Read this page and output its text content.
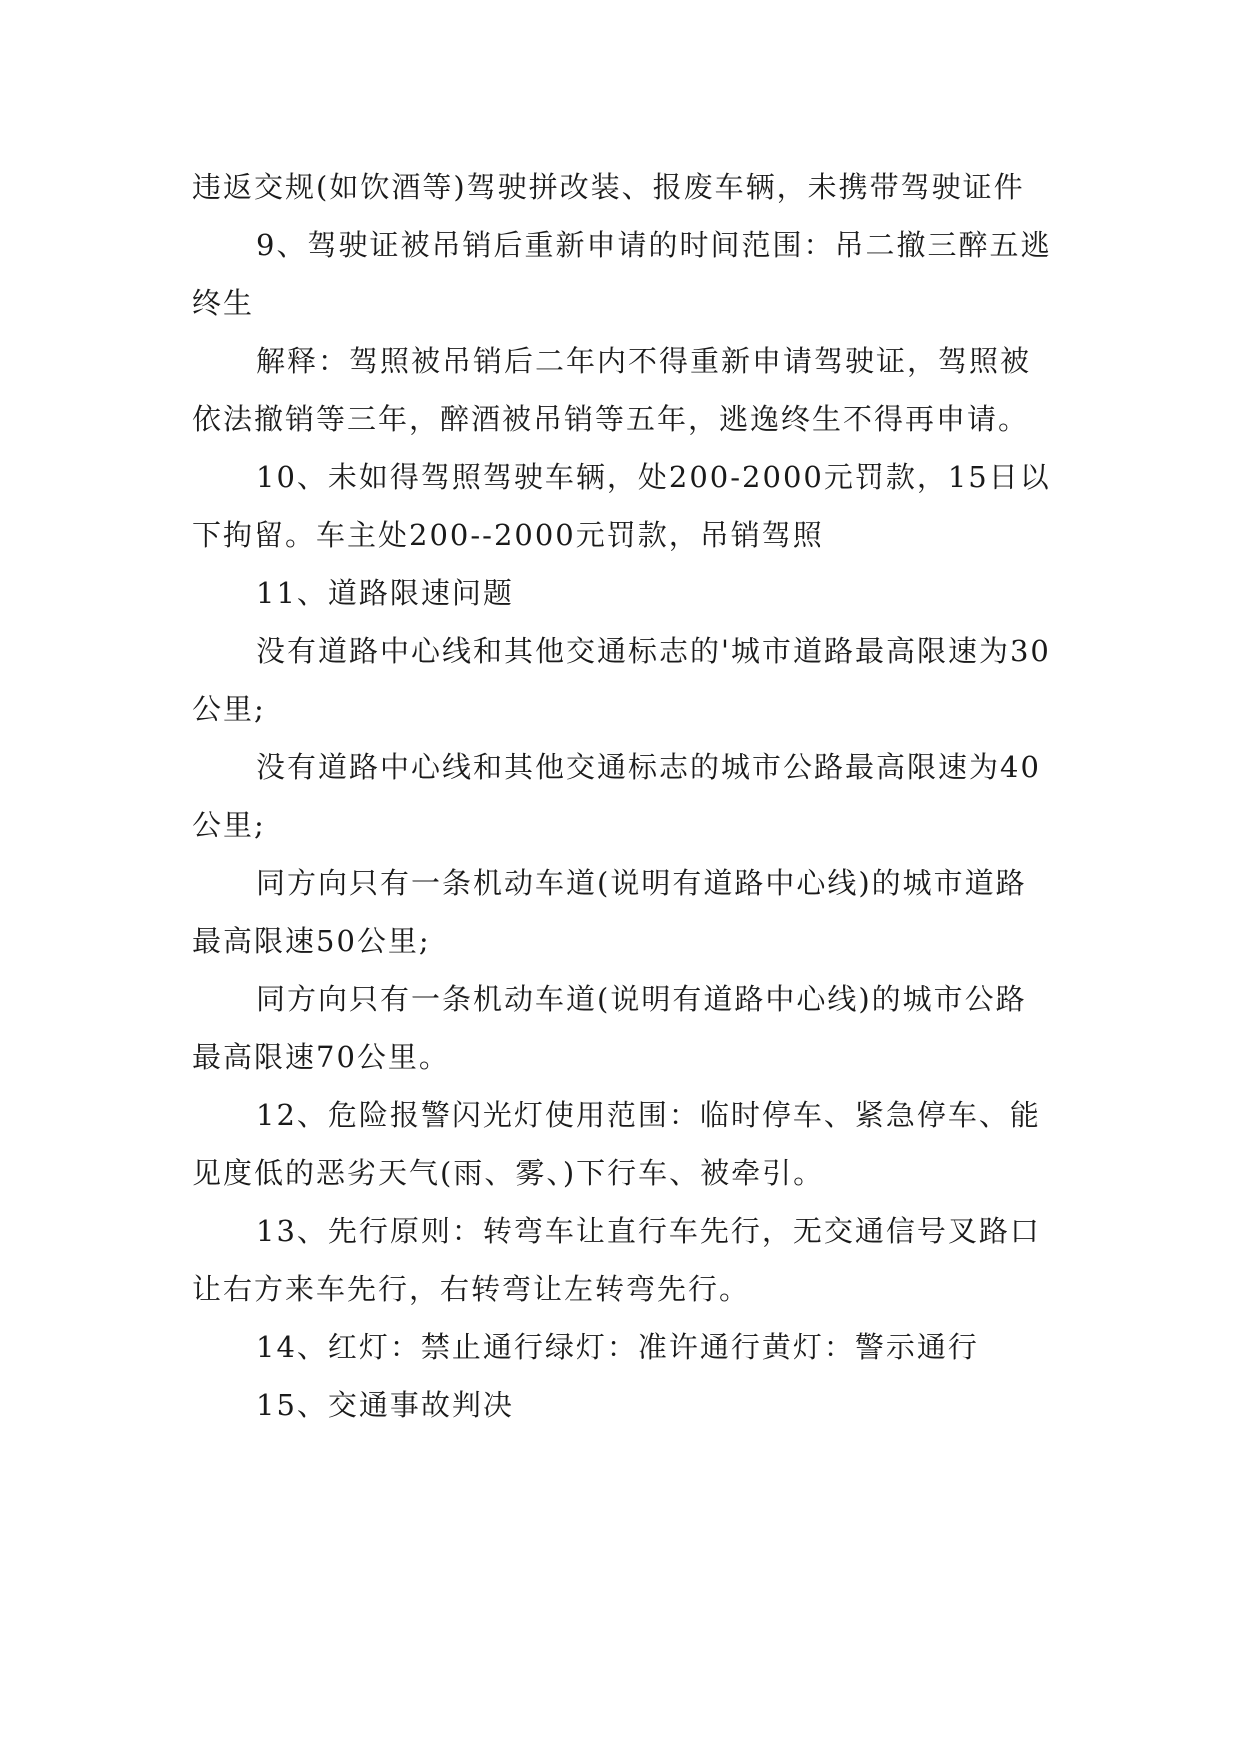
违返交规(如饮酒等)驾驶拼改装、报废车辆，未携带驾驶证件

9、驾驶证被吊销后重新申请的时间范围：吊二撤三醉五逃终生

解释：驾照被吊销后二年内不得重新申请驾驶证，驾照被依法撤销等三年，醉酒被吊销等五年，逃逸终生不得再申请。

10、未如得驾照驾驶车辆，处200-2000元罚款，15日以下拘留。车主处200--2000元罚款，吊销驾照

11、道路限速问题

没有道路中心线和其他交通标志的'城市道路最高限速为30公里;

没有道路中心线和其他交通标志的城市公路最高限速为40公里;

同方向只有一条机动车道(说明有道路中心线)的城市道路最高限速50公里;

同方向只有一条机动车道(说明有道路中心线)的城市公路最高限速70公里。

12、危险报警闪光灯使用范围：临时停车、紧急停车、能见度低的恶劣天气(雨、雾、)下行车、被牵引。

13、先行原则：转弯车让直行车先行，无交通信号叉路口让右方来车先行，右转弯让左转弯先行。

14、红灯：禁止通行绿灯：准许通行黄灯：警示通行

15、交通事故判决
